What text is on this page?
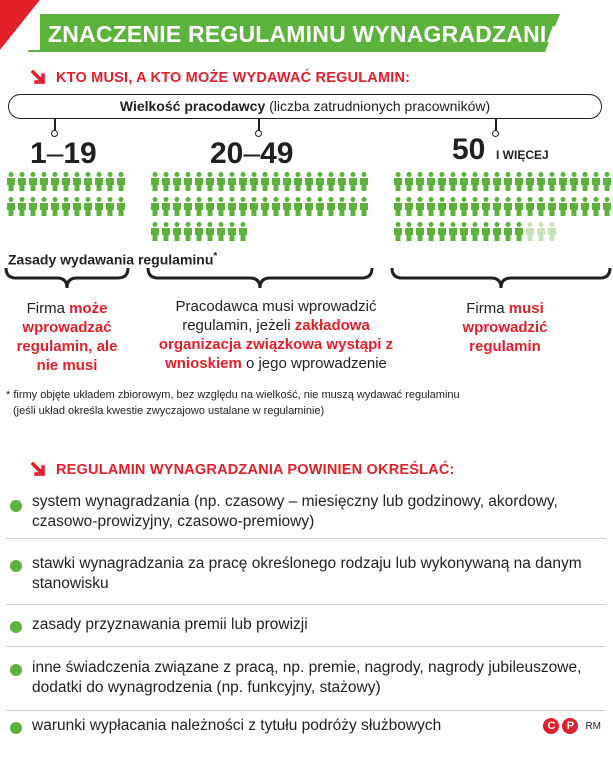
ZNACZENIE REGULAMINU WYNAGRADZANIA
KTO MUSI, A KTO MOŻE WYDAWAĆ REGULAMIN:
Wielkość pracodawcy (liczba zatrudnionych pracowników)
1–19	20–49	50 I WIĘCEJ
Zasady wydawania regulaminu*
Firma może wprowadzać regulamin, ale nie musi
Pracodawca musi wprowadzić regulamin, jeżeli zakładowa organizacja związkowa wystąpi z wnioskiem o jego wprowadzenie
Firma musi wprowadzić regulamin
* firmy objęte układem zbiorowym, bez względu na wielkość, nie muszą wydawać regulaminu
(jeśli układ określa kwestie zwyczajowo ustalane w regulaminie)
REGULAMIN WYNAGRADZANIA POWINIEN OKREŚLAĆ:
system wynagradzania (np. czasowy – miesięczny lub godzinowy, akordowy, czasowo-prowizyjny, czasowo-premiowy)
stawki wynagradzania za pracę określonego rodzaju lub wykonywaną na danym stanowisku
zasady przyznawania premii lub prowizji
inne świadczenia związane z pracą, np. premie, nagrody, nagrody jubileuszowe, dodatki do wynagrodzenia (np. funkcyjny, stażowy)
warunki wypłacania należności z tytułu podróży służbowych	C	P	RM
